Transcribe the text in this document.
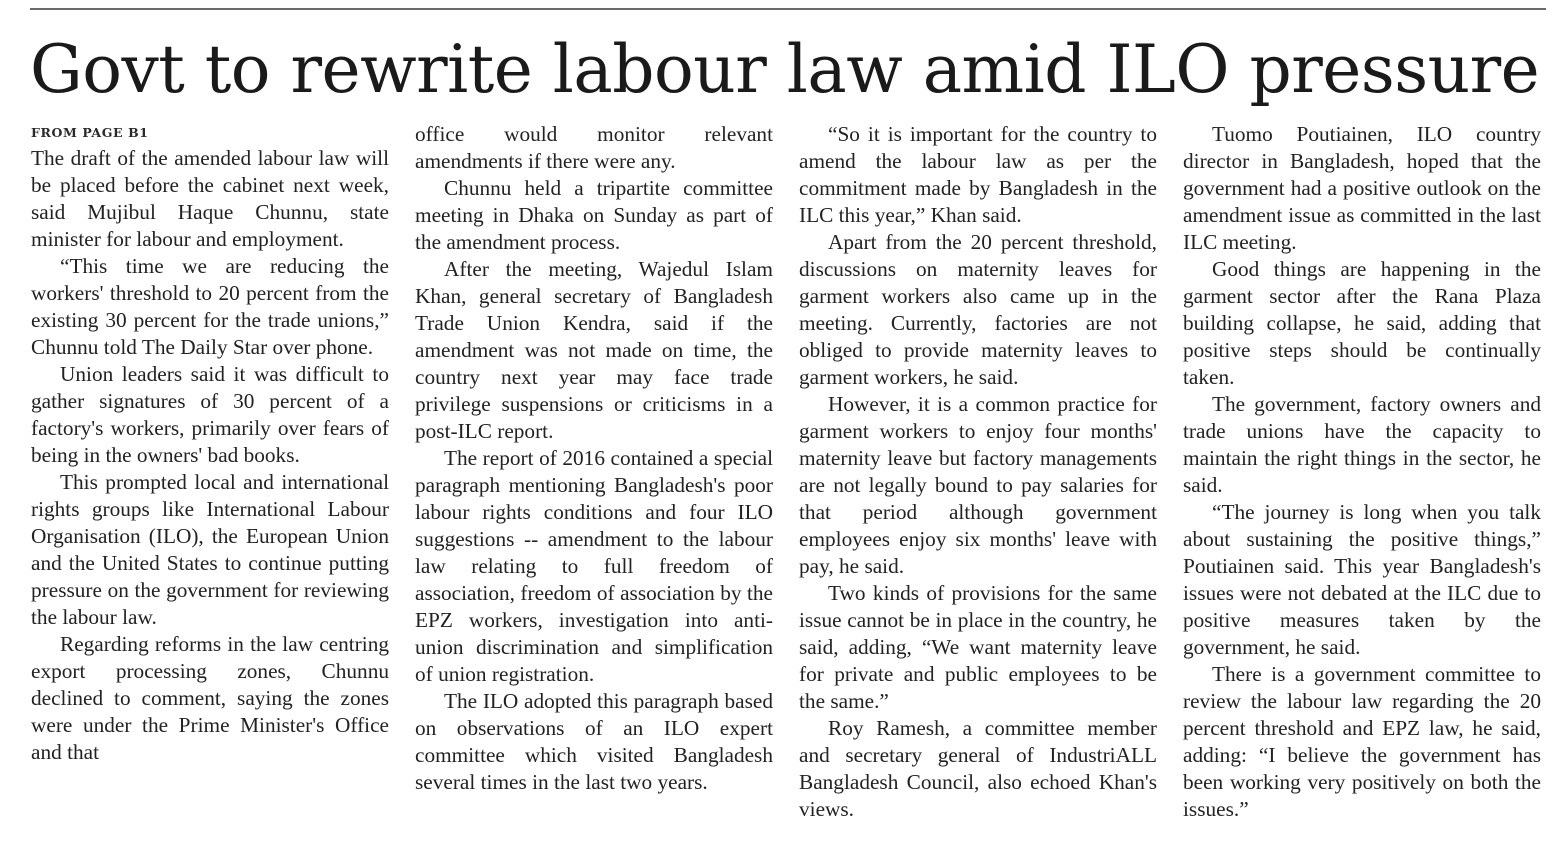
Govt to rewrite labour law amid ILO pressure
FROM PAGE B1

The draft of the amended labour law will be placed before the cabinet next week, said Mujibul Haque Chunnu, state minister for labour and employment.

“This time we are reducing the workers' threshold to 20 percent from the existing 30 percent for the trade unions,” Chunnu told The Daily Star over phone.

Union leaders said it was difficult to gather signatures of 30 percent of a factory's workers, primarily over fears of being in the owners' bad books.

This prompted local and international rights groups like International Labour Organisation (ILO), the European Union and the United States to continue putting pressure on the government for reviewing the labour law.

Regarding reforms in the law centring export processing zones, Chunnu declined to comment, saying the zones were under the Prime Minister's Office and that

office would monitor relevant amendments if there were any.

Chunnu held a tripartite committee meeting in Dhaka on Sunday as part of the amendment process.

After the meeting, Wajedul Islam Khan, general secretary of Bangladesh Trade Union Kendra, said if the amendment was not made on time, the country next year may face trade privilege suspensions or criticisms in a post-ILC report.

The report of 2016 contained a special paragraph mentioning Bangladesh's poor labour rights conditions and four ILO suggestions -- amendment to the labour law relating to full freedom of association, freedom of association by the EPZ workers, investigation into anti-union discrimination and simplification of union registration.

The ILO adopted this paragraph based on observations of an ILO expert committee which visited Bangladesh several times in the last two years.

“So it is important for the country to amend the labour law as per the commitment made by Bangladesh in the ILC this year,” Khan said.

Apart from the 20 percent threshold, discussions on maternity leaves for garment workers also came up in the meeting. Currently, factories are not obliged to provide maternity leaves to garment workers, he said.

However, it is a common practice for garment workers to enjoy four months' maternity leave but factory managements are not legally bound to pay salaries for that period although government employees enjoy six months' leave with pay, he said.

Two kinds of provisions for the same issue cannot be in place in the country, he said, adding, “We want maternity leave for private and public employees to be the same.”

Roy Ramesh, a committee member and secretary general of IndustriALL Bangladesh Council, also echoed Khan's views.

Tuomo Poutiainen, ILO country director in Bangladesh, hoped that the government had a positive outlook on the amendment issue as committed in the last ILC meeting.

Good things are happening in the garment sector after the Rana Plaza building collapse, he said, adding that positive steps should be continually taken.

The government, factory owners and trade unions have the capacity to maintain the right things in the sector, he said.

“The journey is long when you talk about sustaining the positive things,” Poutiainen said. This year Bangladesh's issues were not debated at the ILC due to positive measures taken by the government, he said.

There is a government committee to review the labour law regarding the 20 percent threshold and EPZ law, he said, adding: “I believe the government has been working very positively on both the issues.”
